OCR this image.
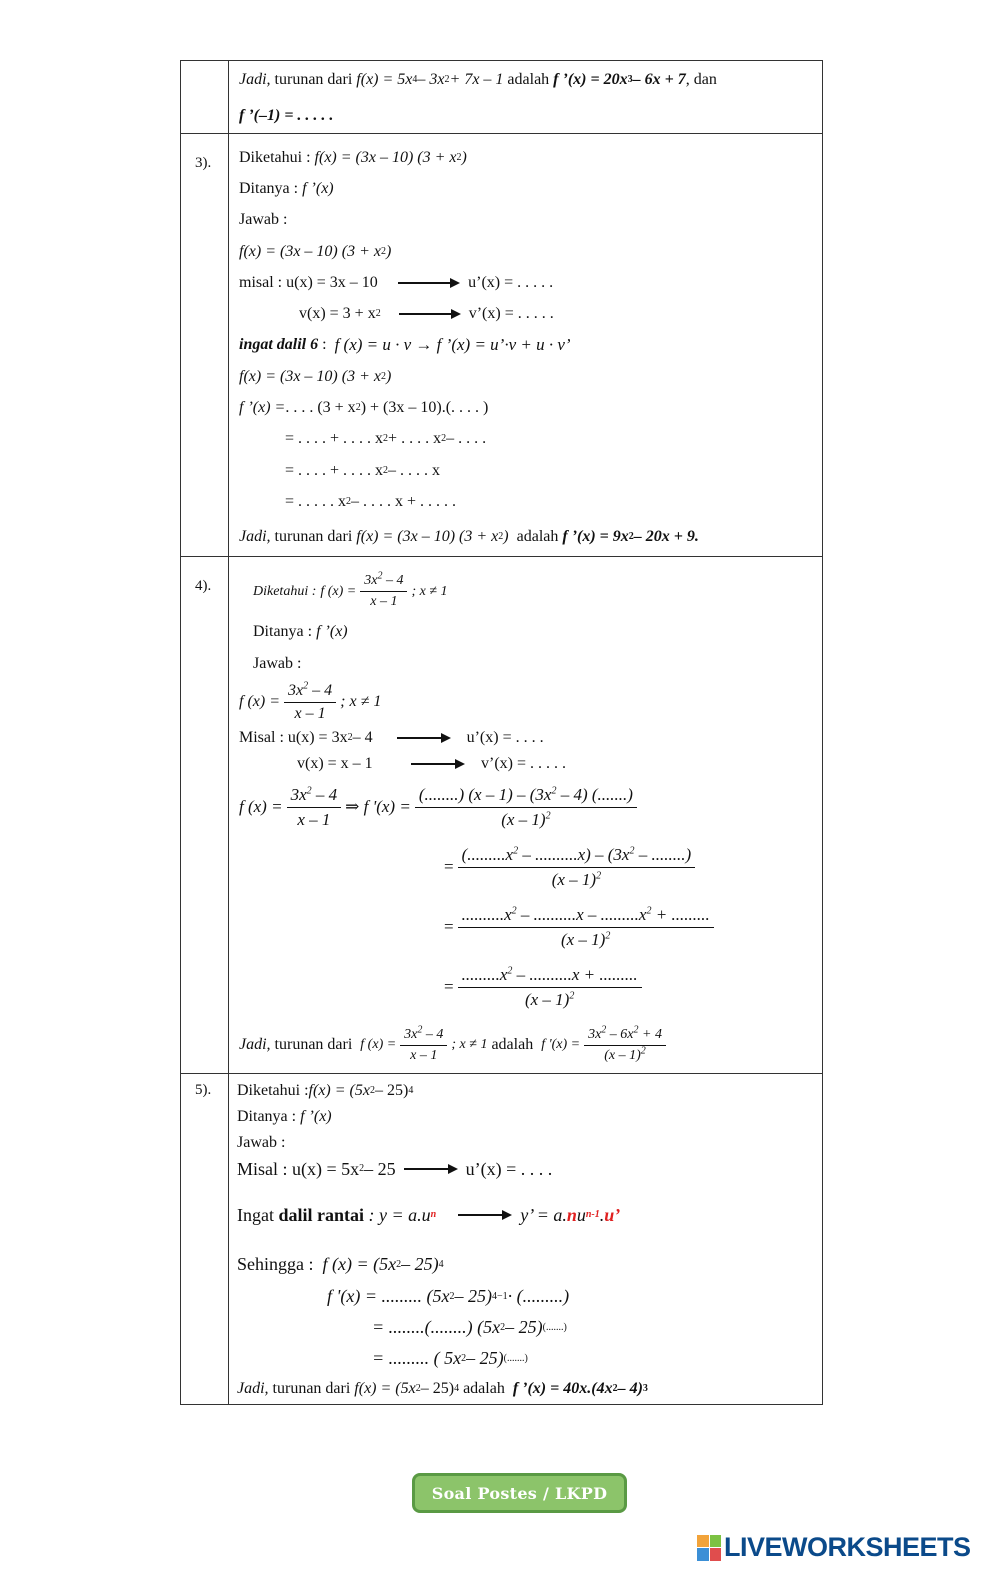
Jadi,
turunan dari
f(x) = 5x 4 – 3x 2 + 7x – 1
adalah
f ’(x) = 20x 3 – 6x + 7 , dan
f ’(–1) = . . . . .
3).	Diketahui :
f(x) = (3x – 10) (3 + x 2 )
Ditanya :
f ’(x)
Jawab :
f(x) = (3x – 10) (3 + x 2 )
misal :
u(x) = 3x – 10	u’(x) = . . . . .
v(x) = 3 + x 2	v’(x) = . . . . .
ingat dalil 6
:
f (x) = u · v → f ’(x) = u’·v + u · v’
f(x) = (3x – 10) (3 + x 2 )
f ’(x) = . . . . (3 + x 2 ) + (3x – 10).(. . . . )
= . . . . + . . . . x 2 + . . . . x 2 – . . . .
= . . . . + . . . . x 2 – . . . . x
= . . . . . x 2 – . . . . x + . . . . .
Jadi,
turunan dari
f(x) = (3x – 10) (3 + x 2 )
adalah
f ’(x) = 9x 2 – 20x + 9.
4).	Diketahui :
f $(x) = \frac{3x^2 - 4}{x - 1}$ ; x ≠ 1
Ditanya :
f ’(x)
Jawab :
f $(x) = \frac{3x^2 - 4}{x - 1}$ ; x ≠ 1
Misal :
u(x) = 3x 2 – 4	u’(x) = . . . .
v(x) = x – 1	v’(x) = . . . . .
f $(x) = \frac{3x^2 - 4}{x - 1}$ ⇒ f '$(x) = \frac{(........) (x - 1) - (3x^2 - 4) (.......)}{(x - 1)^2}$
= $\frac{(.........x^2 - ..........x) - (3x^2 - ........)}{(x - 1)^2}$
= $\frac{..........x^2 - ..........x - .........x^2 + .........}{(x - 1)^2}$
= $\frac{.........x^2 - ..........x + .........}{(x - 1)^2}$
Jadi,
turunan dari
f $(x) = \frac{3x^2 - 4}{x - 1}$ ; x ≠ 1
adalah
f '$(x) = \frac{3x^2 - 6x^2 + 4}{(x - 1)^2}$
5).	Diketahui : f(x) = (5x 2 – 25) 4
Ditanya :
f ’(x)
Jawab :
Misal : u(x) = 5x 2 – 25	u’(x) = . . . .
Ingat
dalil rantai
: y = a.u n	y’ = a. n u n-1 . u’
Sehingga :
f (x) = (5x 2 – 25) 4
f '(x) = ......... (5x 2 – 25) 4−1 · (.........)
= ........(........) (5x 2 – 25) (.......)
= ......... ( 5x 2 – 25) (.......)
Jadi,
turunan dari
f(x) = (5x 2 – 25) 4
adalah
f ’(x) = 40x.(4x 2 – 4) 3
Soal Postes / LKPD
LIVEWORKSHEETS
